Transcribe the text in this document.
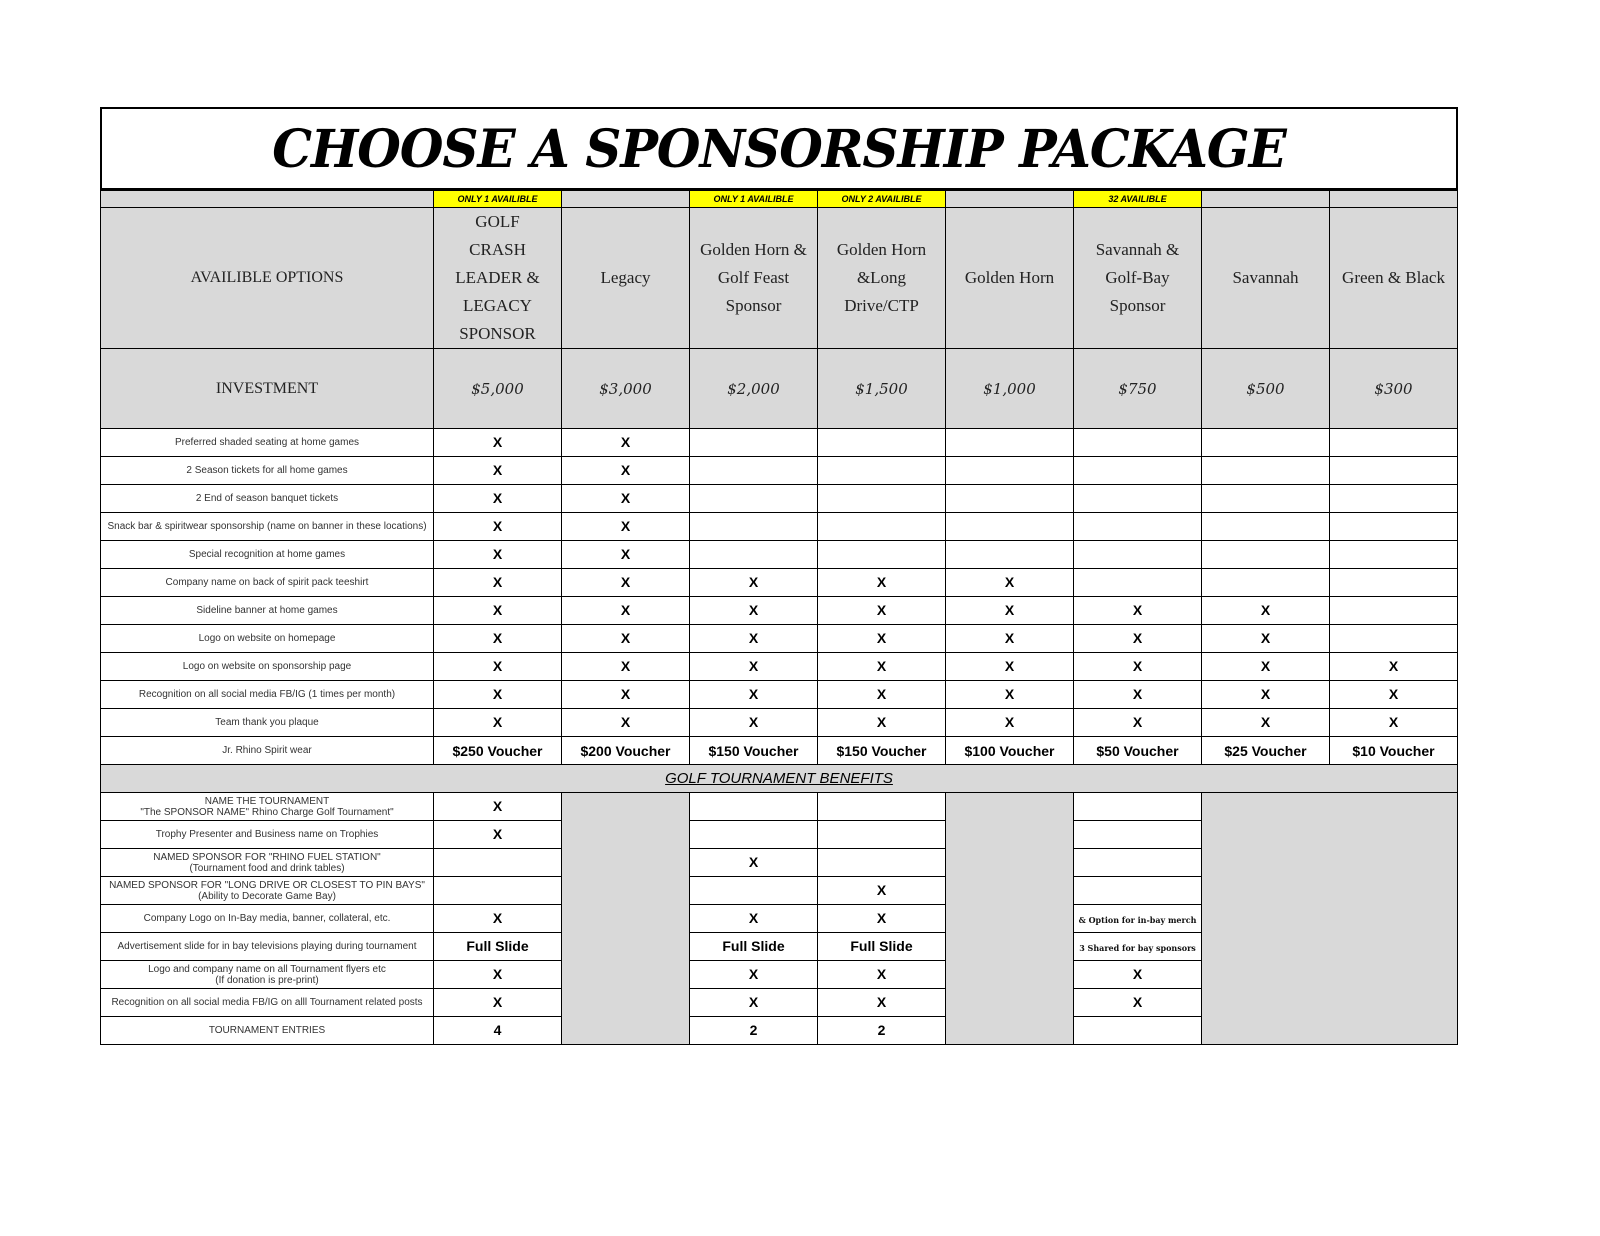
CHOOSE A SPONSORSHIP PACKAGE
	ONLY 1 AVAILIBLE		ONLY 1 AVAILIBLE	ONLY 2 AVAILIBLE		32 AVAILIBLE		
AVAILIBLE OPTIONS	GOLF CRASH LEADER & LEGACY SPONSOR	Legacy	Golden Horn & Golf Feast Sponsor	Golden Horn &Long Drive/CTP	Golden Horn	Savannah & Golf-Bay Sponsor	Savannah	Green & Black
INVESTMENT	$5,000	$3,000	$2,000	$1,500	$1,000	$750	$500	$300
Preferred shaded seating at home games	X	X						
2 Season tickets for all home games	X	X						
2 End of season banquet tickets	X	X						
Snack bar & spiritwear sponsorship (name on banner in these locations)	X	X						
Special recognition at home games	X	X						
Company name on back of spirit pack teeshirt	X	X	X	X	X			
Sideline banner at home games	X	X	X	X	X	X	X	
Logo on website on homepage	X	X	X	X	X	X	X	
Logo on website on sponsorship page	X	X	X	X	X	X	X	X
Recognition on all social media FB/IG (1 times per month)	X	X	X	X	X	X	X	X
Team thank you plaque	X	X	X	X	X	X	X	X
Jr. Rhino Spirit wear	$250 Voucher	$200 Voucher	$150 Voucher	$150 Voucher	$100 Voucher	$50 Voucher	$25 Voucher	$10 Voucher
GOLF TOURNAMENT BENEFITS								

NAME THE TOURNAMENT
"The SPONSOR NAME" Rhino Charge Golf Tournament"	X							

Trophy Presenter and Business name on Trophies	X							

NAMED SPONSOR FOR "RHINO FUEL STATION"
(Tournament food and drink tables)			X					

NAMED SPONSOR FOR "LONG DRIVE OR CLOSEST TO PIN BAYS"
(Ability to Decorate Game Bay)				X				

Company Logo on In-Bay media, banner, collateral, etc.	X		X	X		& Option for in-bay merch		

Advertisement slide for in bay televisions playing during tournament	Full Slide		Full Slide	Full Slide		3 Shared for bay sponsors		

Logo and company name on all Tournament flyers etc
(If donation is pre-print)	X		X	X		X		

Recognition on all social media FB/IG on alll Tournament related posts	X		X	X		X		

TOURNAMENT ENTRIES	4		2	2				
